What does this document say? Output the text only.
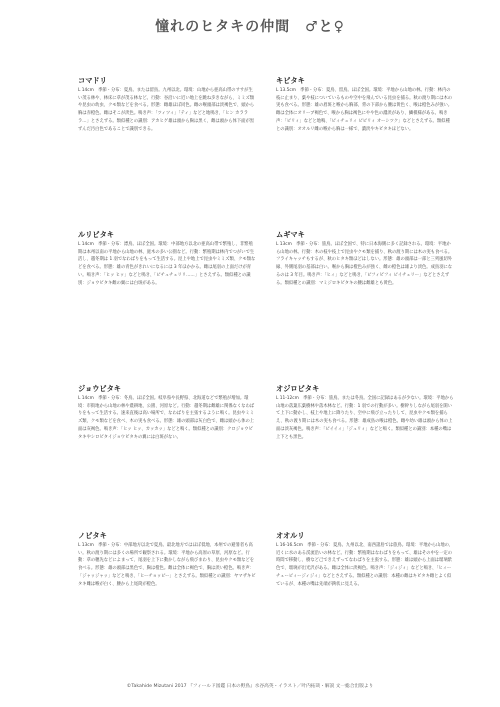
憧れのヒタキの仲間　♂と♀

コマドリ

L 14cm　季節・分布：夏鳥。または留鳥。九州以北。環境：山地から亜高山帯のササが生い茂る林や、林床に草が茂る林など。行動：谷沿いに近い地上を跳ね歩きながら、ミミズ類や昆虫の幼虫、クモ類などを食べる。形態：雌雄ほぼ同色。雌の喉頭部は淡褐色で、頭から胸は赤橙色。雌はそこが淡色。鳴き声：「ツィツィ」「ティ」などと地鳴き、「ヒン カラララ…」とさえずる。類似種との識別：アカヒゲ雄は頭から胸は黒く、雌は頭から体下面が黒ずんだ汚白色であることで識別できる。

キビタキ

L 13.5cm　季節・分布：夏鳥、留鳥。ほぼ全国。環境：平地から山地の林。行動：林内の枝に止まり、葉や枝についているものや空中を飛んでいる昆虫を捕る。秋の渡り期には木の実も食べる。形態：雄の眉斑と喉から胸部、背の下部から腰は黄色く、喉は橙色みが強い。雌は全体にオリーブ褐色で、喉から胸は褐色にやや色の濃淡があり、鱗模様がある。鳴き声：「ピリィ」などと地鳴、「ピィチュリィ ピピリィ オーシツク」などとさえずる。類似種との識別：オオルリ雌の喉から胸は一様で、濃淡やキビタキほどない。

ルリビタキ

L 14cm　季節・分布：漂鳥。ほぼ全国。環境：中部地方以北の亜高山帯で繁殖し、非繁殖期は本州以南の平地から山地の林、庭木の多い公園など。行動：繁殖期は林内でつがいで生活し、越冬期は 1 羽でなわばりをもって生活する。昆上や地上で昆虫やミミズ類、クモ類などを食べる。形態：雄の青色がきれいになるには 3 年ほかかる。雌は尾羽の上面だけが青い。鳴き声：「ヒッ ヒッ」などと鳴き、「ピチュチュリリ……」とさえずる。類似種との識別：ジョウビタキ雌の翼には白斑がある。

ムギマキ

L 13cm　季節・分布：旅鳥。ほぼ全国で、特に日本海側に多く記録される。環境：平地から山地の林。行動：木の枝や枝上で昆虫やクモ類を捕り、秋の渡り期には木の実も食べる。フライキャッチもするが、秋のヒタキ類ほどはしない。形態：雄の頭部は一部と三列風切外縁、外側尾羽の基部は白い。喉から胸は橙色みが強く、雌の橙色は雄より淡色。成鳥羽になるのは 3 年目。鳴き声：「ヒィ」などと鳴き、「ピフィビフィ ピイチュリー」などとさえずる。類似種との識別：マミジロキビタキの腰は雌雄とも黄色。

ジョウビタキ

L 14cm　季節・分布：冬鳥。ほぼ全国。岐阜県や長野県、北海道などで繁殖が増加。環境：市街地から山地の林や農耕地、公園、河原など。行動：越冬期は雌雄に関係なくなわばりをもって生活する。速来直後は高い場所で、なわばりを主張するように鳴く。昆虫やミミズ類、クモ類などを食べ、木の実も食べる。形態：雄の頭部は灰白色で、雌は頭から体の上面は灰褐色。鳴き声：「ヒッ ヒッ、カッカッ」などと鳴く。類似種との識別：クロジョウビタキやシロビタイジョウビタキの翼には白斑がない。

オジロビタキ

L 11-12cm　季節・分布：旅鳥。または冬鳥。全国に記録はあるが少ない。環境：平地から山地の落葉広葉樹林や落木林など。行動：1 羽での行動が多い。樹幹りしながら尾羽を開いて上下に動かし、枝上や地上に降りたり、空中に飛び立ったりして、昆虫やクモ類を捕らえ、秋の渡り期には木の実も食べる。形態：雄成鳥の喉は橙色。雌や幼い雄は頭から体の上面は淡灰褐色。鳴き声：「ピイイィ」「ジュリィ」などと鳴く。類似種との識別：本種の嘴は上下とも黒色。

ノビタキ

L 13cm　季節・分布：中部地方以北で夏鳥。最北地方ではほぼ低地、本州での避暑者も高い。秋の渡り期には多くの場所で観察される。環境：平地から高原の草原、河原など。行動：草の穂先などによまって、尾羽を上下に動かしながら飛びまわり、昆虫やクモ類などを食べる。形態：雄の頭部は黒色で、胸は橙色。雌は全体に褐色で、胸は淡い橙色。鳴き声：「ジャッジャッ」などと鳴き、「ヒーチョッピー」とさえずる。類似種との識別：ヤマザキビタキ雌は喉が白く、腰から上尾筒が橙色。

オオルリ

L 16-16.5cm　季節・分布：夏鳥。九州以北、南西諸島では旅鳥。環境：平地から山地の、近くに水のある渓流沿いの林など。行動：繁殖期はなわばりをもって、雄はその中を一定の時間で移動し、樹など己できえずってなわばりを主張する。形態：雄は頭から上面は瑠璃紫色で、瑠璃が出光沢がある。雌は全体に淡褐色。鳴き声：「ジィジィ」などと鳴き、「ヒィーチューピィージィジィ」などとさえずる。類似種との識別：本種の雌はキビタキ雌とよく似ているが、本種の嘴は先端が鉤状に見える。

©Takahide Mizutani 2017 『フィールド図鑑 日本の野鳥』水谷高英・イラスト／叶内拓哉・解説 文一総合出版より
